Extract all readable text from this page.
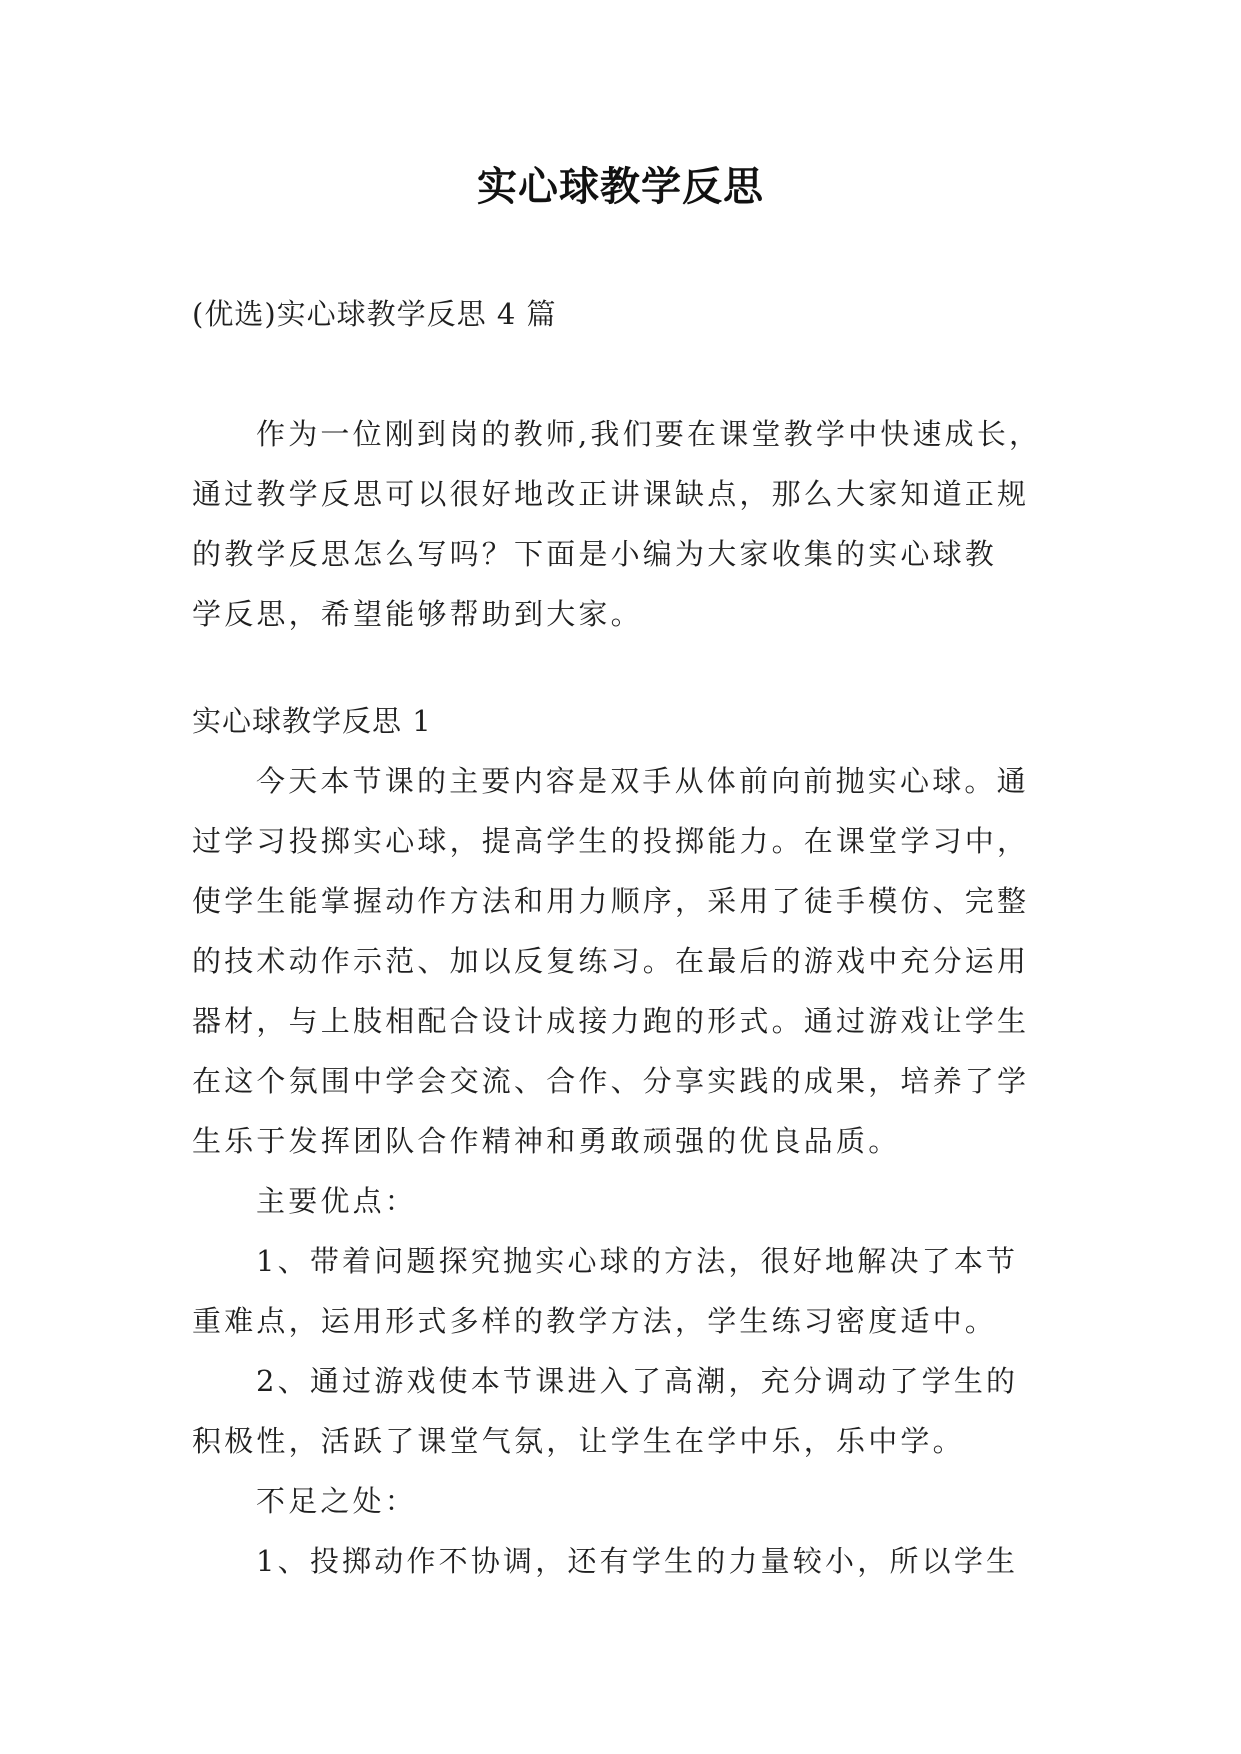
实心球教学反思

(优选)实心球教学反思 4 篇

作为一位刚到岗的教师,我们要在课堂教学中快速成长，
通过教学反思可以很好地改正讲课缺点，那么大家知道正规
的教学反思怎么写吗？下面是小编为大家收集的实心球教
学反思，希望能够帮助到大家。
实心球教学反思 1
今天本节课的主要内容是双手从体前向前抛实心球。通
过学习投掷实心球，提高学生的投掷能力。在课堂学习中，
使学生能掌握动作方法和用力顺序，采用了徒手模仿、完整
的技术动作示范、加以反复练习。在最后的游戏中充分运用
器材，与上肢相配合设计成接力跑的形式。通过游戏让学生
在这个氛围中学会交流、合作、分享实践的成果，培养了学
生乐于发挥团队合作精神和勇敢顽强的优良品质。
主要优点：
1、带着问题探究抛实心球的方法，很好地解决了本节
重难点，运用形式多样的教学方法，学生练习密度适中。
2、通过游戏使本节课进入了高潮，充分调动了学生的
积极性，活跃了课堂气氛，让学生在学中乐，乐中学。
不足之处：
1、投掷动作不协调，还有学生的力量较小，所以学生
